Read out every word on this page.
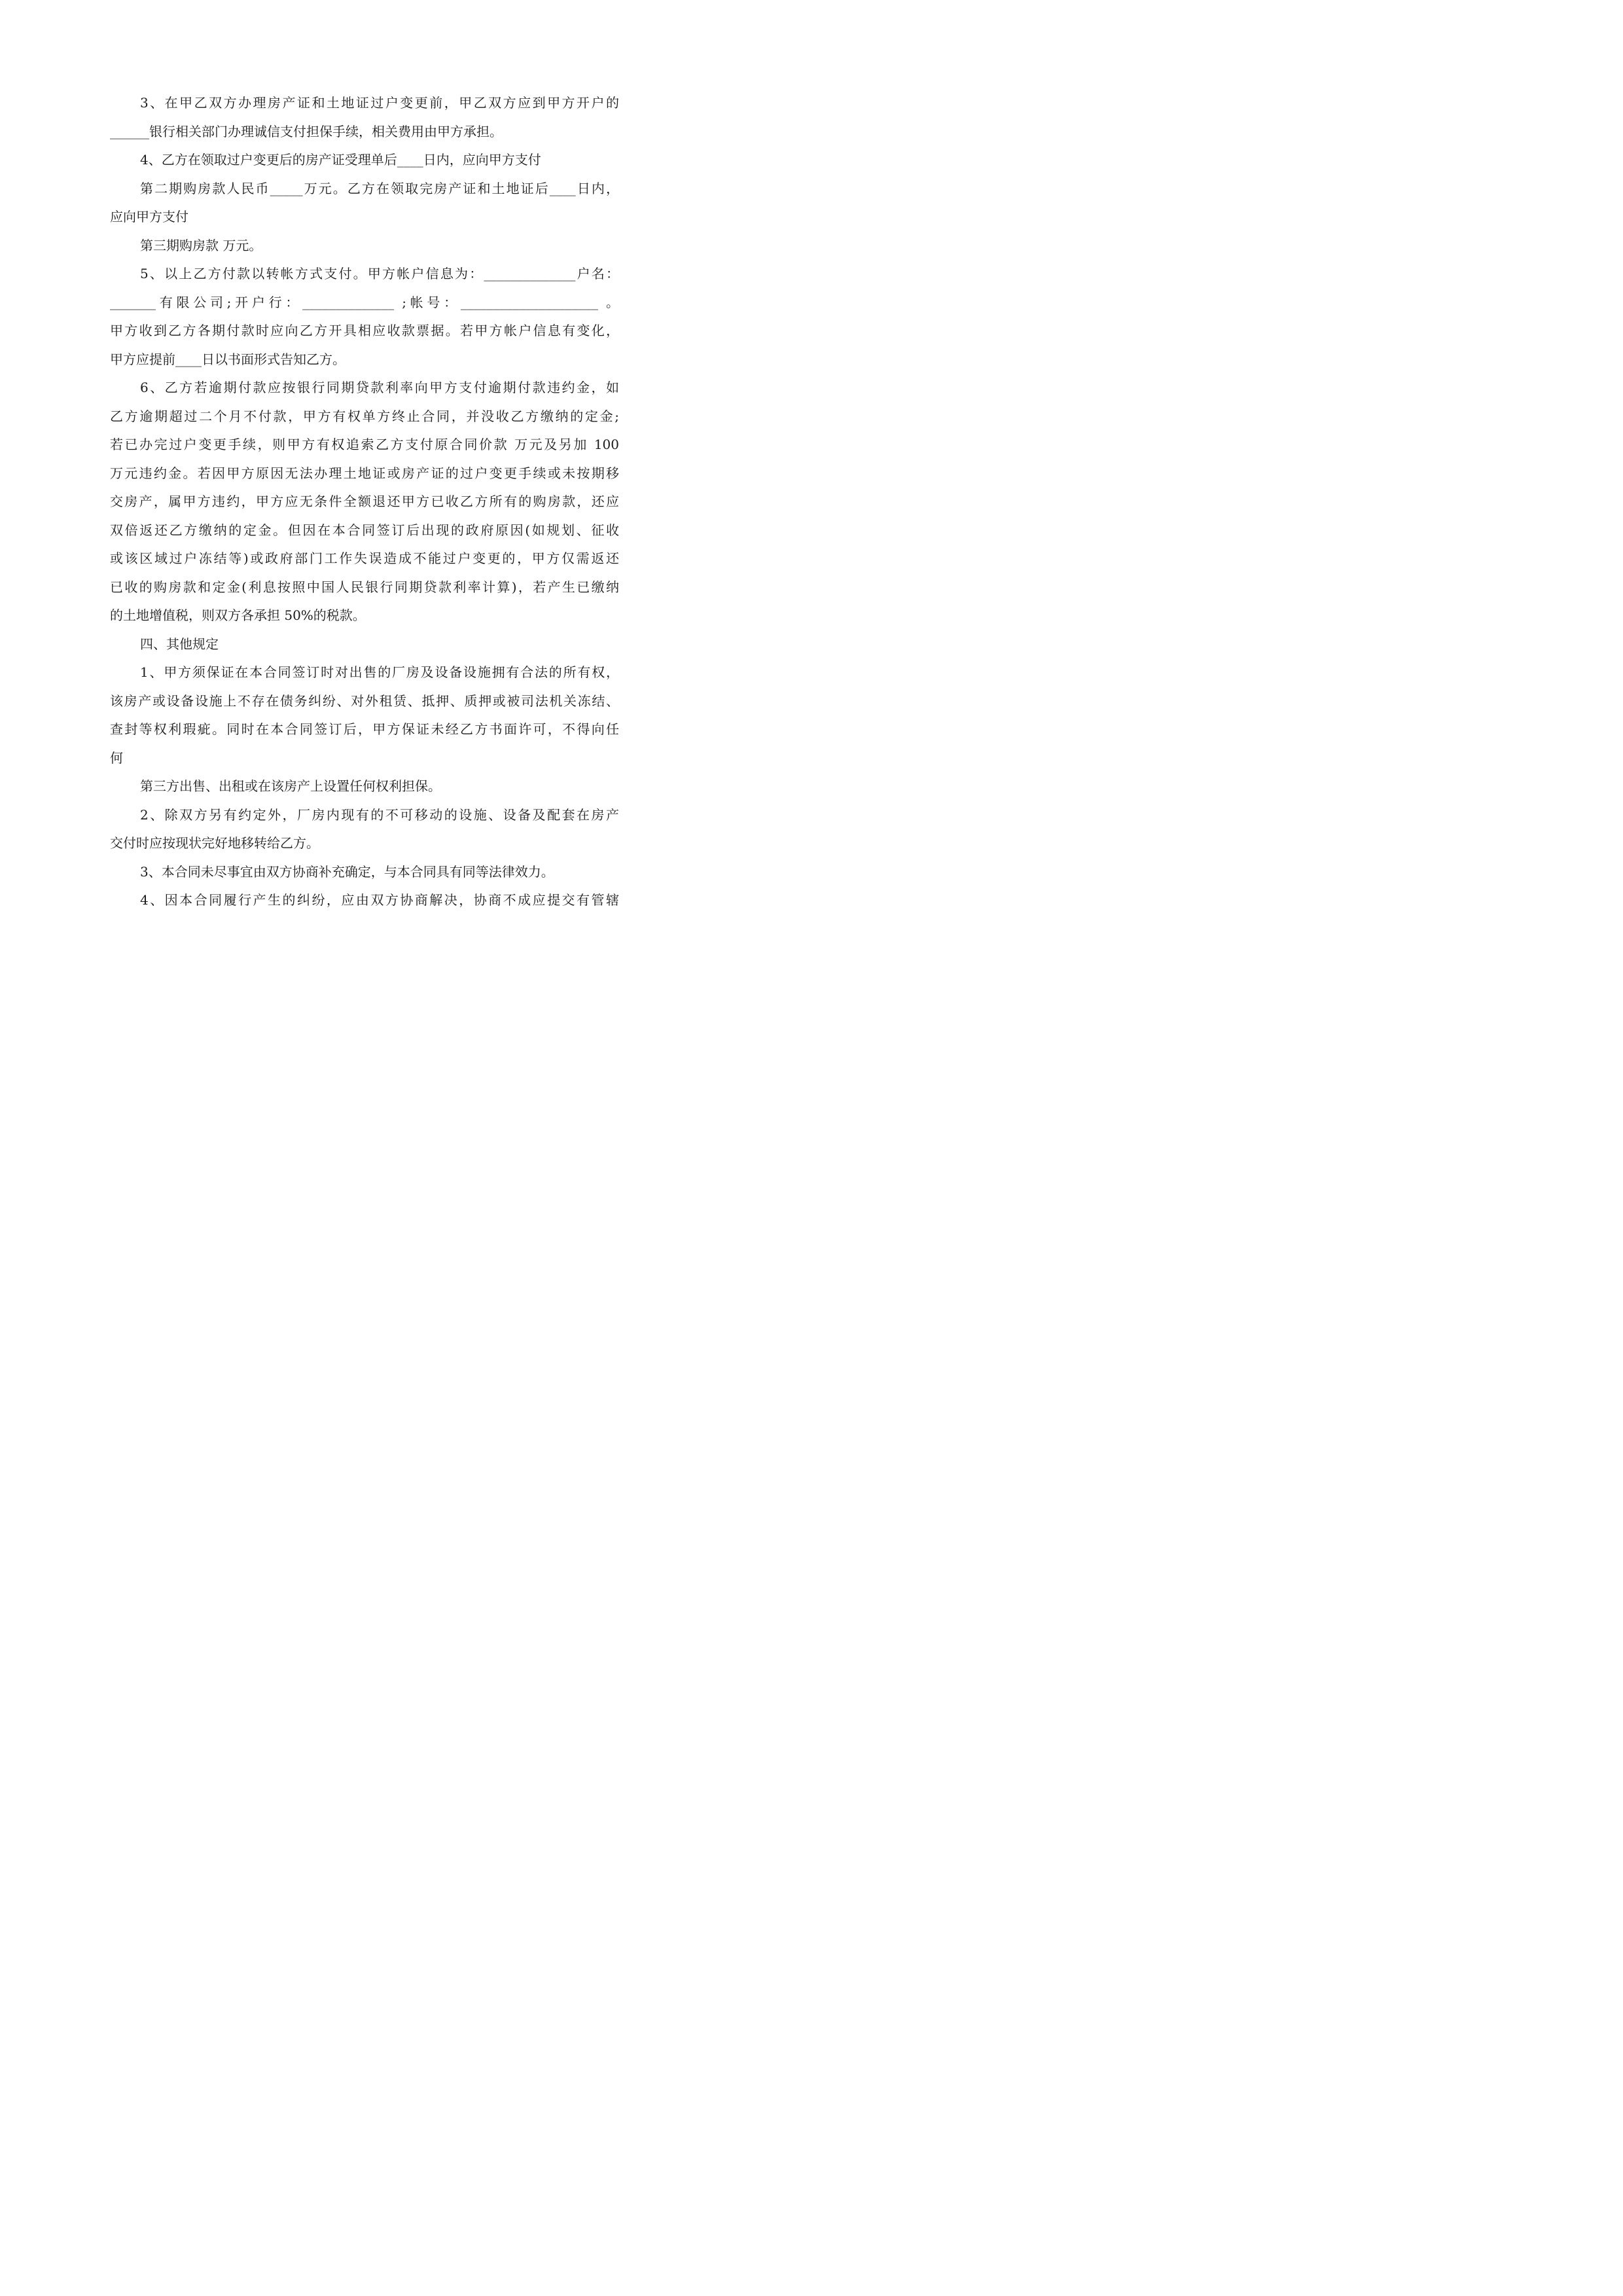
3、在甲乙双方办理房产证和土地证过户变更前，甲乙双方应到甲方开户的
______银行相关部门办理诚信支付担保手续，相关费用由甲方承担。
4、乙方在领取过户变更后的房产证受理单后____日内，应向甲方支付
第二期购房款人民币_____万元。乙方在领取完房产证和土地证后____日内，
应向甲方支付
第三期购房款 万元。
5、以上乙方付款以转帐方式支付。甲方帐户信息为：______________户名：
_______有限公司;开户行：______________ ;帐号：_____________________ 。
甲方收到乙方各期付款时应向乙方开具相应收款票据。若甲方帐户信息有变化，
甲方应提前____日以书面形式告知乙方。
6、乙方若逾期付款应按银行同期贷款利率向甲方支付逾期付款违约金，如
乙方逾期超过二个月不付款，甲方有权单方终止合同，并没收乙方缴纳的定金;
若已办完过户变更手续，则甲方有权追索乙方支付原合同价款 万元及另加 100
万元违约金。若因甲方原因无法办理土地证或房产证的过户变更手续或未按期移
交房产，属甲方违约，甲方应无条件全额退还甲方已收乙方所有的购房款，还应
双倍返还乙方缴纳的定金。但因在本合同签订后出现的政府原因(如规划、征收
或该区域过户冻结等)或政府部门工作失误造成不能过户变更的，甲方仅需返还
已收的购房款和定金(利息按照中国人民银行同期贷款利率计算)，若产生已缴纳
的土地增值税，则双方各承担 50%的税款。
四、其他规定
1、甲方须保证在本合同签订时对出售的厂房及设备设施拥有合法的所有权，
该房产或设备设施上不存在债务纠纷、对外租赁、抵押、质押或被司法机关冻结、
查封等权利瑕疵。同时在本合同签订后，甲方保证未经乙方书面许可，不得向任
何
第三方出售、出租或在该房产上设置任何权利担保。
2、除双方另有约定外，厂房内现有的不可移动的设施、设备及配套在房产
交付时应按现状完好地移转给乙方。
3、本合同未尽事宜由双方协商补充确定，与本合同具有同等法律效力。
4、因本合同履行产生的纠纷，应由双方协商解决，协商不成应提交有管辖
